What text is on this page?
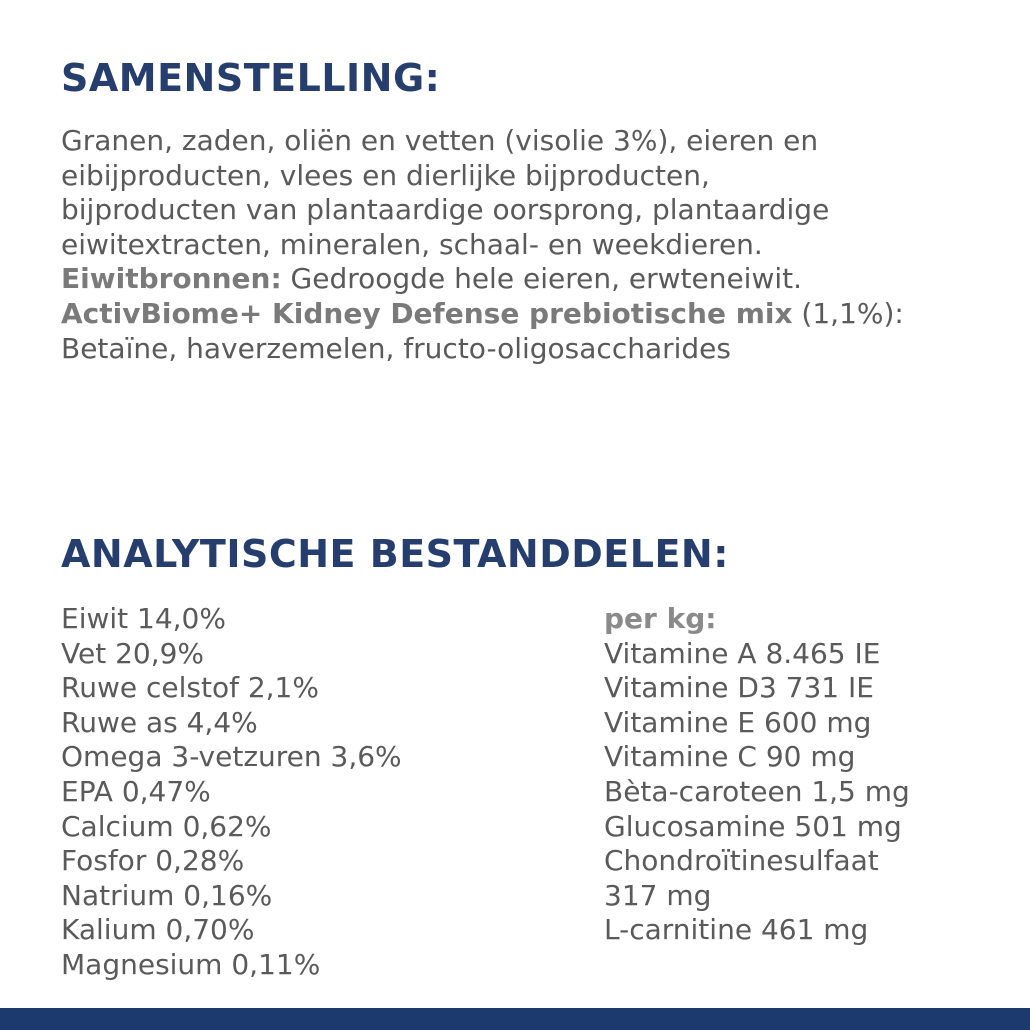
SAMENSTELLING:
Granen, zaden, oliën en vetten (visolie 3%), eieren en
eibijproducten, vlees en dierlijke bijproducten,
bijproducten van plantaardige oorsprong, plantaardige
eiwitextracten, mineralen, schaal- en weekdieren.
Eiwitbronnen: Gedroogde hele eieren, erwteneiwit.
ActivBiome+ Kidney Defense prebiotische mix (1,1%):
Betaïne, haverzemelen, fructo-oligosaccharides
ANALYTISCHE BESTANDDELEN:
Eiwit 14,0%
Vet 20,9%
Ruwe celstof 2,1%
Ruwe as 4,4%
Omega 3-vetzuren 3,6%
EPA 0,47%
Calcium 0,62%
Fosfor 0,28%
Natrium 0,16%
Kalium 0,70%
Magnesium 0,11%
per kg:
Vitamine A 8.465 IE
Vitamine D3 731 IE
Vitamine E 600 mg
Vitamine C 90 mg
Bèta-caroteen 1,5 mg
Glucosamine 501 mg
Chondroïtinesulfaat
317 mg
L-carnitine 461 mg
